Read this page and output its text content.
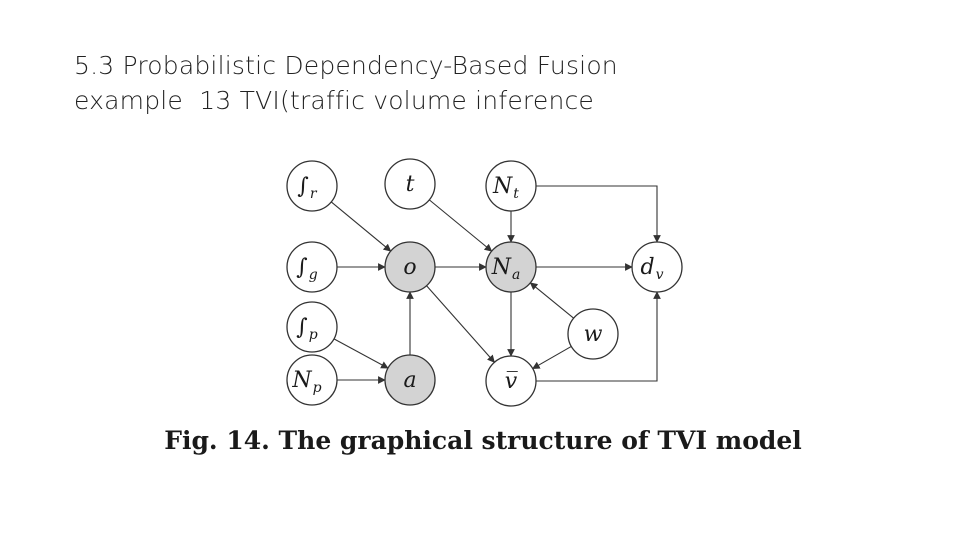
5.3 Probabilistic Dependency-Based Fusion
example  13 TVI(traffic volume inference
$\int_r$	t	$N_t$
$\int_g$	o	$N_a$	$d_v$
$\int_p$	w
$N_p$	a	v̅
Fig. 14. The graphical structure of TVI model
